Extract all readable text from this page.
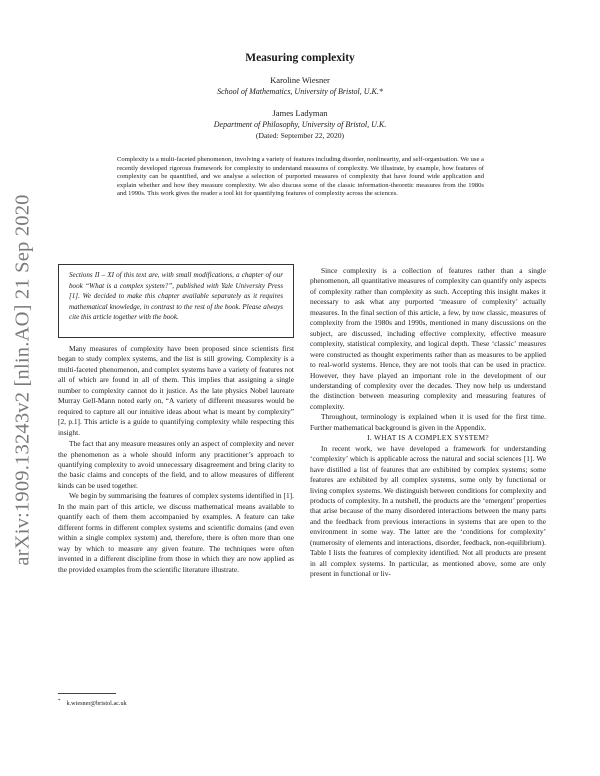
arXiv:1909.13243v2 [nlin.AO] 21 Sep 2020
Measuring complexity
Karoline Wiesner
School of Mathematics, University of Bristol, U.K.*
James Ladyman
Department of Philosophy, University of Bristol, U.K.
(Dated: September 22, 2020)
Complexity is a multi-faceted phenomenon, involving a variety of features including disorder, nonlinearity, and self-organisation. We use a recently developed rigorous framework for complexity to understand measures of complexity. We illustrate, by example, how features of complexity can be quantified, and we analyse a selection of purported measures of complexity that have found wide application and explain whether and how they measure complexity. We also discuss some of the classic information-theoretic measures from the 1980s and 1990s. This work gives the reader a tool kit for quantifying features of complexity across the sciences.

Sections II – XI of this text are, with small modifications, a chapter of our book “What is a complex system?”, published with Yale University Press [1]. We decided to make this chapter available separately as it requires mathematical knowledge, in contrast to the rest of the book. Please always cite this article together with the book.

Many measures of complexity have been proposed since scientists first began to study complex systems, and the list is still growing. Complexity is a multi-faceted phenomenon, and complex systems have a variety of features not all of which are found in all of them. This implies that assigning a single number to complexity cannot do it justice. As the late physics Nobel laureate Murray Gell-Mann noted early on, “A variety of different measures would be required to capture all our intuitive ideas about what is meant by complexity” [2, p.1]. This article is a guide to quantifying complexity while respecting this insight.

The fact that any measure measures only an aspect of complexity and never the phenomenon as a whole should inform any practitioner’s approach to quantifying complexity to avoid unnecessary disagreement and bring clarity to the basic claims and concepts of the field, and to allow measures of different kinds can be used together.

We begin by summarising the features of complex systems identified in [1]. In the main part of this article, we discuss mathematical means available to quantify each of them them accompanied by examples. A feature can take different forms in different complex systems and scientific domains (and even within a single complex system) and, therefore, there is often more than one way by which to measure any given feature. The techniques were often invented in a different discipline from those in which they are now applied as the provided examples from the scientific literature illustrate.

Since complexity is a collection of features rather than a single phenomenon, all quantitative measures of complexity can quantify only aspects of complexity rather than complexity as such. Accepting this insight makes it necessary to ask what any purported ‘measure of complexity’ actually measures. In the final section of this article, a few, by now classic, measures of complexity from the 1980s and 1990s, mentioned in many discussions on the subject, are discussed, including effective complexity, effective measure complexity, statistical complexity, and logical depth. These ‘classic’ measures were constructed as thought experiments rather than as measures to be applied to real-world systems. Hence, they are not tools that can be used in practice. However, they have played an important role in the development of our understanding of complexity over the decades. They now help us understand the distinction between measuring complexity and measuring features of complexity.

Throughout, terminology is explained when it is used for the first time. Further mathematical background is given in the Appendix.

I. WHAT IS A COMPLEX SYSTEM?

In recent work, we have developed a framework for understanding ‘complexity’ which is applicable across the natural and social sciences [1]. We have distilled a list of features that are exhibited by complex systems; some features are exhibited by all complex systems, some only by functional or living complex systems. We distinguish between conditions for complexity and products of complexity. In a nutshell, the products are the ‘emergent’ properties that arise because of the many disordered interactions between the many parts and the feedback from previous interactions in systems that are open to the environment in some way. The latter are the ‘conditions for complexity’ (numerosity of elements and interactions, disorder, feedback, non-equilibrium). Table I lists the features of complexity identified. Not all products are present in all complex systems. In particular, as mentioned above, some are only present in functional or liv-

* k.wiesner@bristol.ac.uk
